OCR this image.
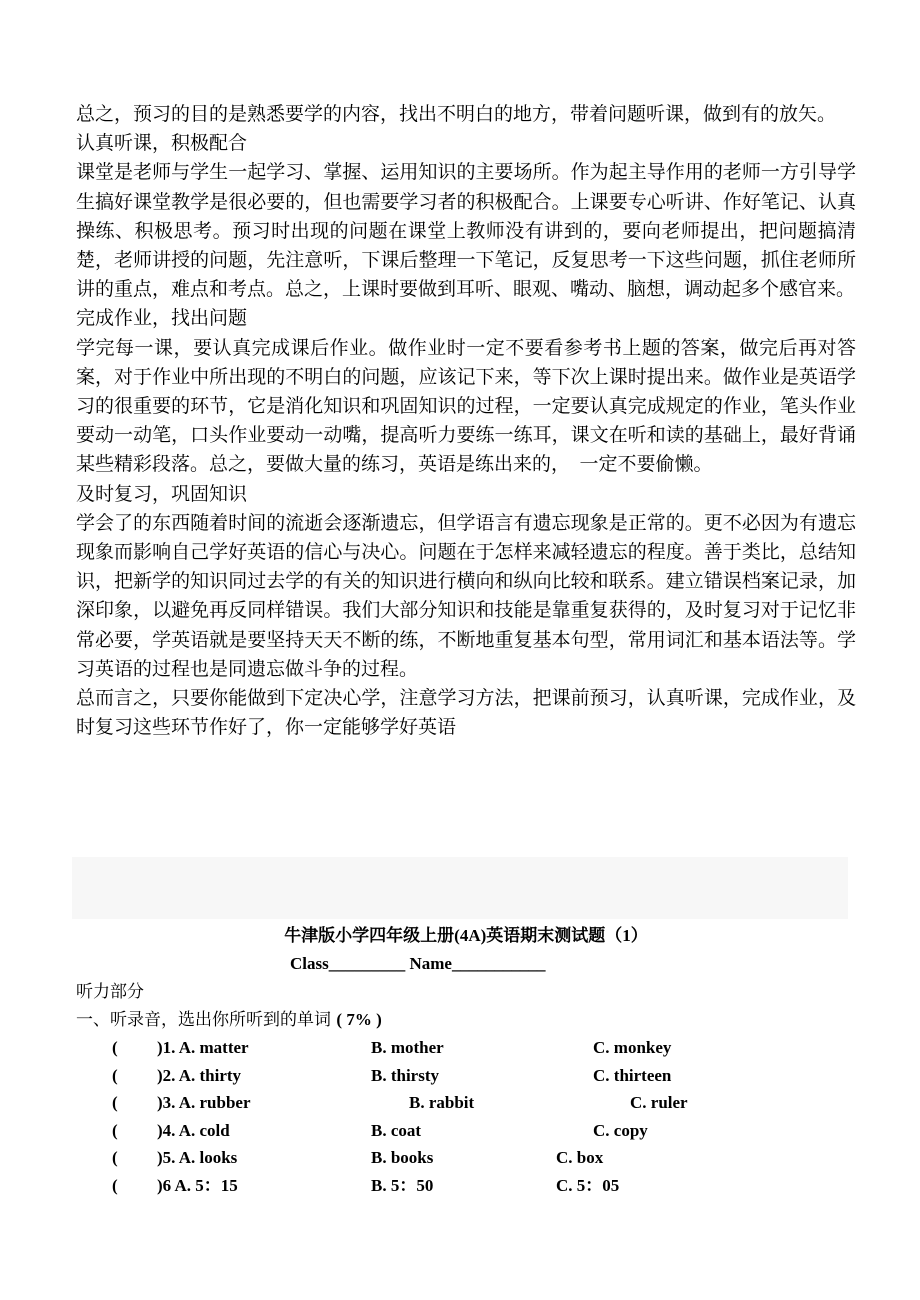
总之，预习的目的是熟悉要学的内容，找出不明白的地方，带着问题听课，做到有的放矢。

认真听课，积极配合

课堂是老师与学生一起学习、掌握、运用知识的主要场所。作为起主导作用的老师一方引导学生搞好课堂教学是很必要的，但也需要学习者的积极配合。上课要专心听讲、作好笔记、认真操练、积极思考。预习时出现的问题在课堂上教师没有讲到的，要向老师提出，把问题搞清楚，老师讲授的问题，先注意听，下课后整理一下笔记，反复思考一下这些问题，抓住老师所讲的重点，难点和考点。总之，上课时要做到耳听、眼观、嘴动、脑想，调动起多个感官来。

完成作业，找出问题

学完每一课，要认真完成课后作业。做作业时一定不要看参考书上题的答案，做完后再对答案，对于作业中所出现的不明白的问题，应该记下来，等下次上课时提出来。做作业是英语学习的很重要的环节，它是消化知识和巩固知识的过程，一定要认真完成规定的作业，笔头作业要动一动笔，口头作业要动一动嘴，提高听力要练一练耳，课文在听和读的基础上，最好背诵某些精彩段落。总之，要做大量的练习，英语是练出来的，　一定不要偷懒。

及时复习，巩固知识

学会了的东西随着时间的流逝会逐渐遗忘，但学语言有遗忘现象是正常的。更不必因为有遗忘现象而影响自己学好英语的信心与决心。问题在于怎样来减轻遗忘的程度。善于类比，总结知识，把新学的知识同过去学的有关的知识进行横向和纵向比较和联系。建立错误档案记录，加深印象，以避免再反同样错误。我们大部分知识和技能是靠重复获得的，及时复习对于记忆非常必要，学英语就是要坚持天天不断的练，不断地重复基本句型，常用词汇和基本语法等。学习英语的过程也是同遗忘做斗争的过程。

总而言之，只要你能做到下定决心学，注意学习方法，把课前预习，认真听课，完成作业，及时复习这些环节作好了，你一定能够学好英语

牛津版小学四年级上册(4A)英语期末测试题（1）
Class_________ Name___________
听力部分
一、听录音，选出你所听到的单词 ( 7% )
( )1. A. matter	B. mother	C. monkey
( )2. A. thirty	B. thirsty	C. thirteen
( )3. A. rubber	B. rabbit	C. ruler
( )4. A. cold	B. coat	C. copy
( )5. A. looks	B. books	C. box
( )6 A. 5：15	B. 5：50	C. 5：05
